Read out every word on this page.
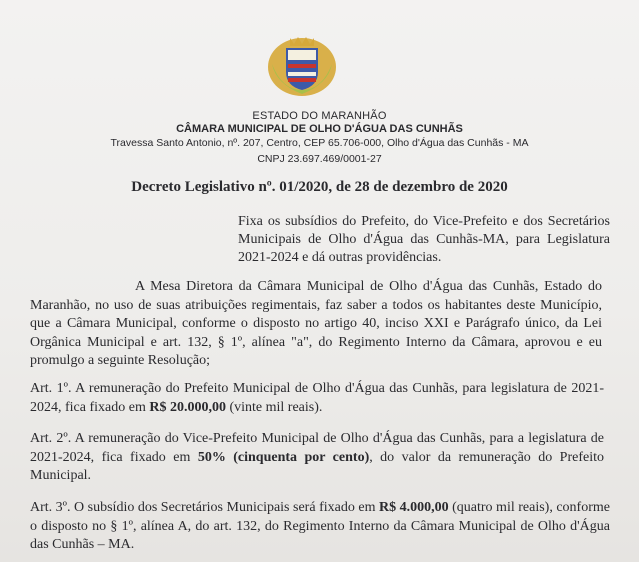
ESTADO DO MARANHÃO
CÂMARA MUNICIPAL DE OLHO D'ÁGUA DAS CUNHÃS
Travessa Santo Antonio, nº. 207, Centro, CEP 65.706-000, Olho d'Água das Cunhãs - MA
CNPJ 23.697.469/0001-27
Decreto Legislativo nº. 01/2020, de 28 de dezembro de 2020
Fixa os subsídios do Prefeito, do Vice-Prefeito e dos Secretários Municipais de Olho d'Água das Cunhãs-MA, para Legislatura 2021-2024 e dá outras providências.
A Mesa Diretora da Câmara Municipal de Olho d'Água das Cunhãs, Estado do Maranhão, no uso de suas atribuições regimentais, faz saber a todos os habitantes deste Município, que a Câmara Municipal, conforme o disposto no artigo 40, inciso XXI e Parágrafo único, da Lei Orgânica Municipal e art. 132, § 1º, alínea "a", do Regimento Interno da Câmara, aprovou e eu promulgo a seguinte Resolução;
Art. 1º. A remuneração do Prefeito Municipal de Olho d'Água das Cunhãs, para legislatura de 2021-2024, fica fixado em R$ 20.000,00 (vinte mil reais).
Art. 2º. A remuneração do Vice-Prefeito Municipal de Olho d'Água das Cunhãs, para a legislatura de 2021-2024, fica fixado em 50% (cinquenta por cento), do valor da remuneração do Prefeito Municipal.
Art. 3º. O subsídio dos Secretários Municipais será fixado em R$ 4.000,00 (quatro mil reais), conforme o disposto no § 1º, alínea A, do art. 132, do Regimento Interno da Câmara Municipal de Olho d'Água das Cunhãs – MA.
